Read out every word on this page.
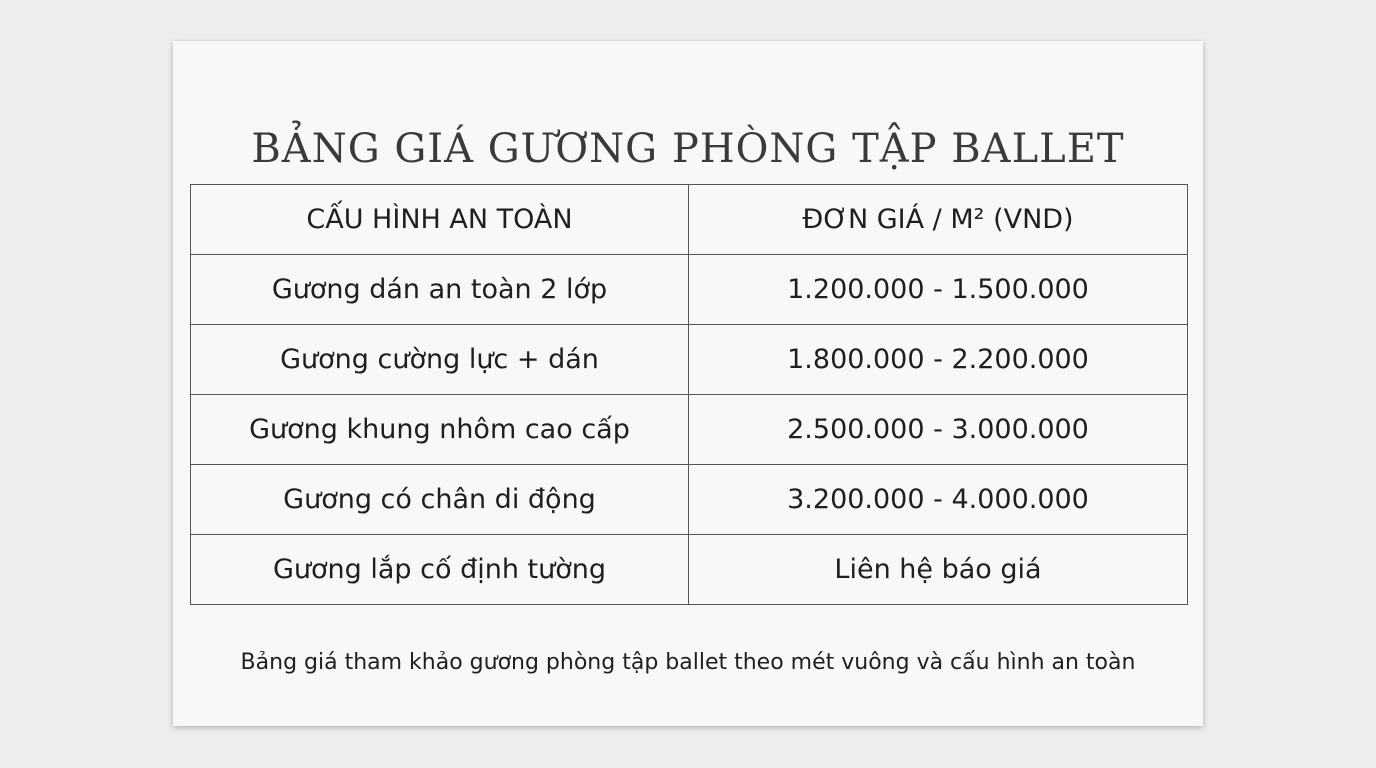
BẢNG GIÁ GƯƠNG PHÒNG TẬP BALLET
CẤU HÌNH AN TOÀN	ĐƠN GIÁ / M² (VND)
Gương dán an toàn 2 lớp	1.200.000 - 1.500.000
Gương cường lực + dán	1.800.000 - 2.200.000
Gương khung nhôm cao cấp	2.500.000 - 3.000.000
Gương có chân di động	3.200.000 - 4.000.000
Gương lắp cố định tường	Liên hệ báo giá
Bảng giá tham khảo gương phòng tập ballet theo mét vuông và cấu hình an toàn
